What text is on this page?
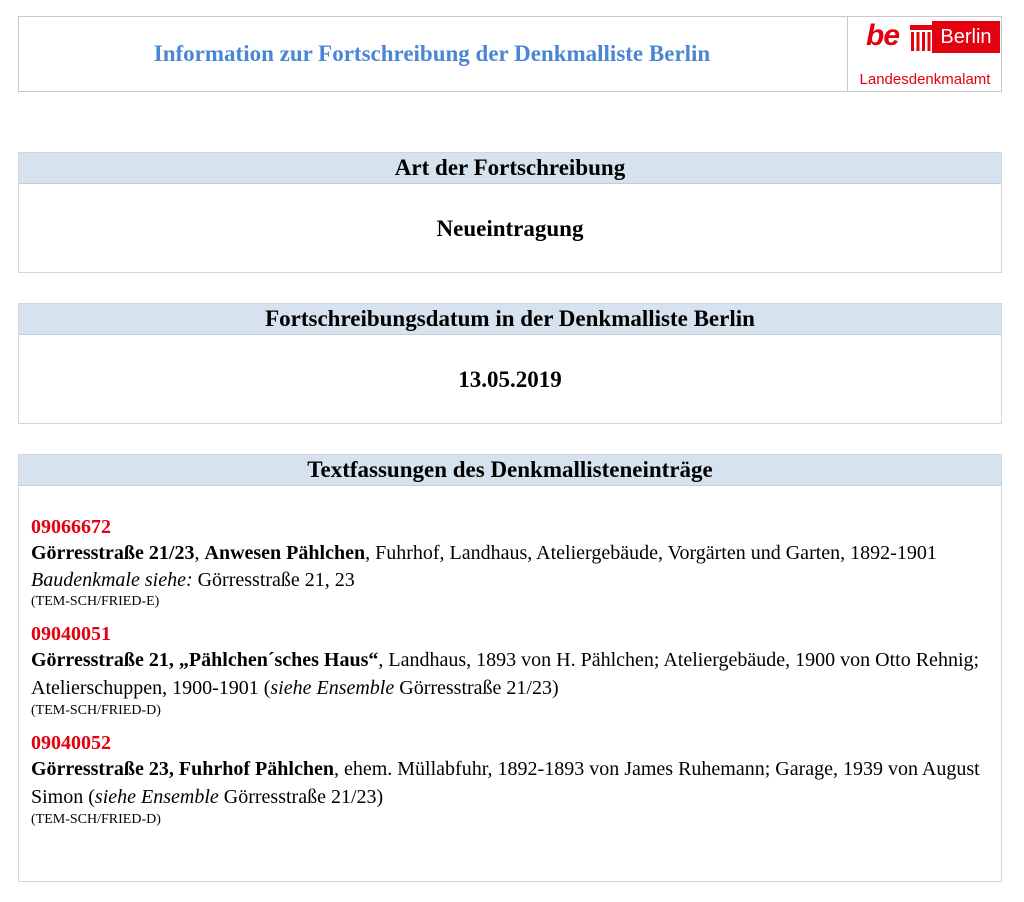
Information zur Fortschreibung der Denkmalliste Berlin
be	Berlin
Landesdenkmalamt
Art der Fortschreibung
Neueintragung
Fortschreibungsdatum in der Denkmalliste Berlin
13.05.2019
Textfassungen des Denkmallisteneinträge
09066672
Görresstraße 21/23, Anwesen Pählchen, Fuhrhof, Landhaus, Ateliergebäude, Vorgärten und Garten, 1892-1901
Baudenkmale siehe: Görresstraße 21, 23
(TEM-SCH/FRIED-E)
09040051
Görresstraße 21, „Pählchen´sches Haus“, Landhaus, 1893 von H. Pählchen; Ateliergebäude, 1900 von Otto Rehnig; Atelierschuppen, 1900-1901 (siehe Ensemble Görresstraße 21/23)
(TEM-SCH/FRIED-D)
09040052
Görresstraße 23, Fuhrhof Pählchen, ehem. Müllabfuhr, 1892-1893 von James Ruhemann; Garage, 1939 von August Simon (siehe Ensemble Görresstraße 21/23)
(TEM-SCH/FRIED-D)
